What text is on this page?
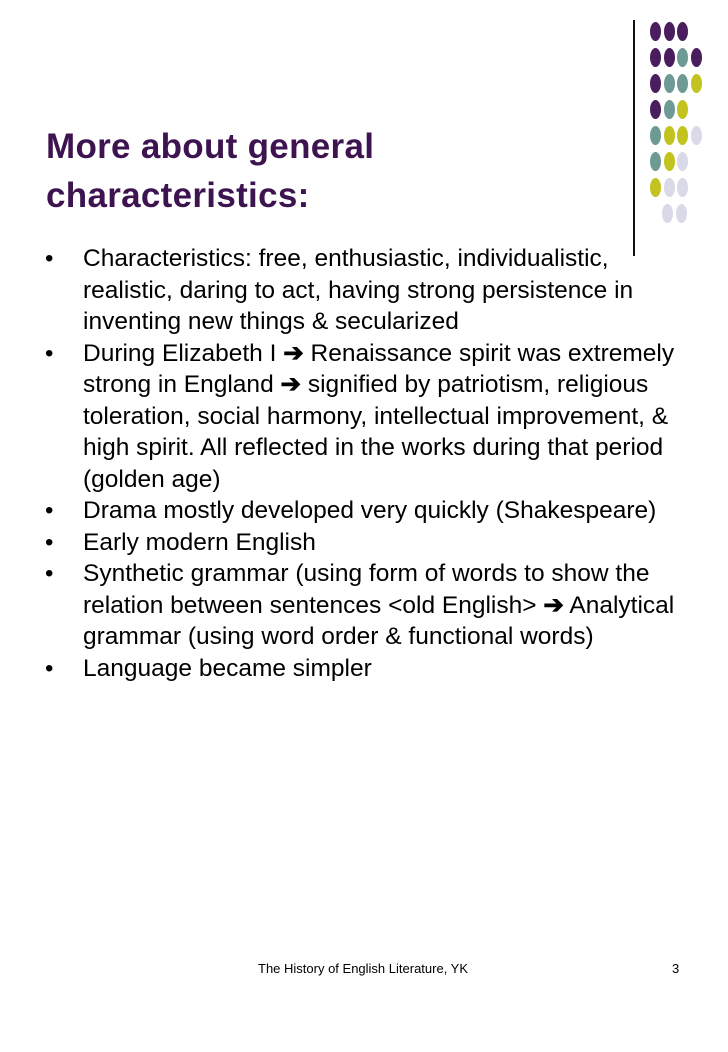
More about general characteristics:
• Characteristics: free, enthusiastic, individualistic, realistic, daring to act, having strong persistence in inventing new things & secularized
• During Elizabeth I ➔ Renaissance spirit was extremely strong in England ➔ signified by patriotism, religious toleration, social harmony, intellectual improvement, & high spirit. All reflected in the works during that period (golden age)
• Drama mostly developed very quickly (Shakespeare)
• Early modern English
• Synthetic grammar (using form of words to show the relation between sentences <old English> ➔ Analytical grammar (using word order & functional words)
• Language became simpler
The History of English Literature, YK	3
